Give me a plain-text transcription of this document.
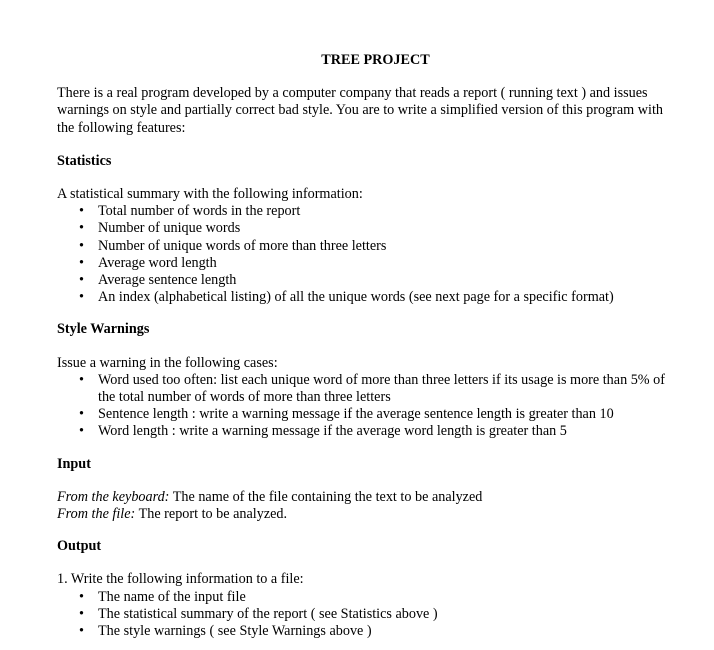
TREE PROJECT

There is a real program developed by a computer company that reads a report ( running text ) and issues warnings on style and partially correct bad style. You are to write a simplified version of this program with the following features:

Statistics

A statistical summary with the following information:

• Total number of words in the report
• Number of unique words
• Number of unique words of more than three letters
• Average word length
• Average sentence length
• An index (alphabetical listing) of all the unique words (see next page for a specific format)

Style Warnings

Issue a warning in the following cases:

• Word used too often: list each unique word of more than three letters if its usage is more than 5% of the total number of words of more than three letters
• Sentence length : write a warning message if the average sentence length is greater than 10
• Word length : write a warning message if the average word length is greater than 5

Input

From the keyboard: The name of the file containing the text to be analyzed

From the file: The report to be analyzed.

Output

1. Write the following information to a file:

• The name of the input file
• The statistical summary of the report ( see Statistics above )
• The style warnings ( see Style Warnings above )
